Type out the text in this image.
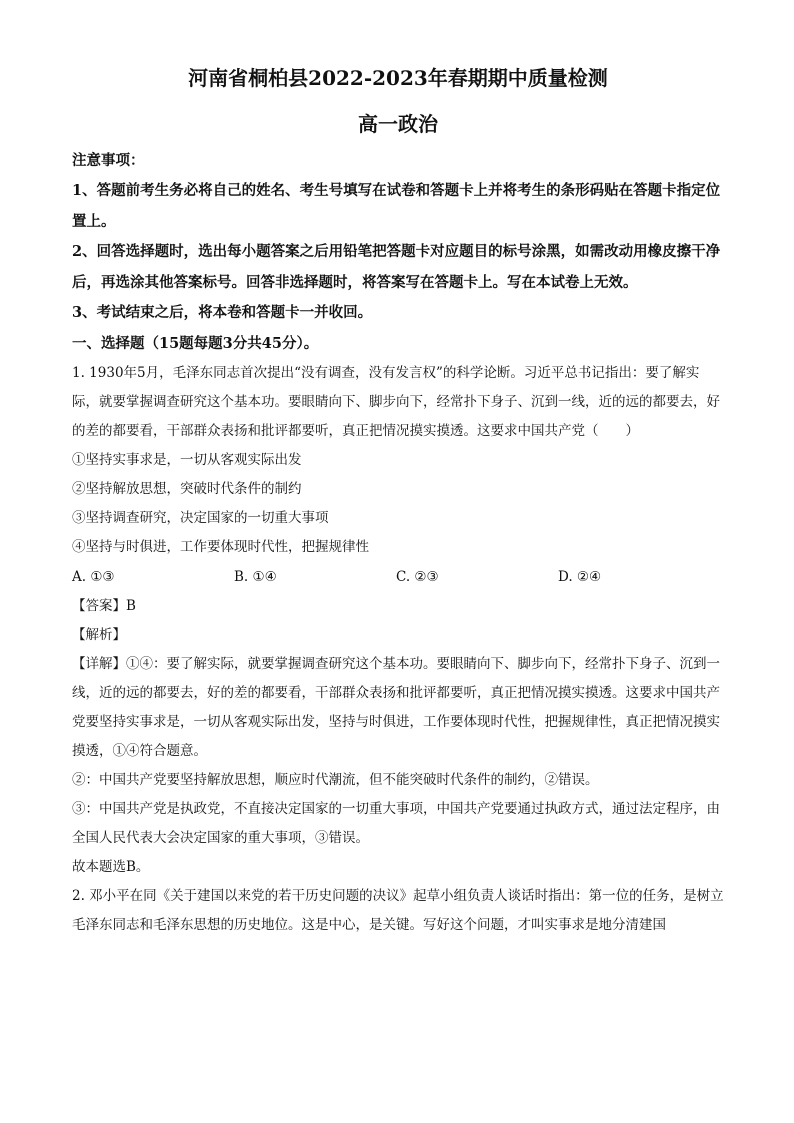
河南省桐柏县2022-2023年春期期中质量检测
高一政治
注意事项：
1、答题前考生务必将自己的姓名、考生号填写在试卷和答题卡上并将考生的条形码贴在答题卡指定位置上。
2、回答选择题时，选出每小题答案之后用铅笔把答题卡对应题目的标号涂黑，如需改动用橡皮擦干净后，再选涂其他答案标号。回答非选择题时，将答案写在答题卡上。写在本试卷上无效。
3、考试结束之后，将本卷和答题卡一并收回。
一、选择题（15题每题3分共45分）。
1. 1930年5月，毛泽东同志首次提出“没有调查，没有发言权”的科学论断。习近平总书记指出：要了解实际，就要掌握调查研究这个基本功。要眼睛向下、脚步向下，经常扑下身子、沉到一线，近的远的都要去，好的差的都要看，干部群众表扬和批评都要听，真正把情况摸实摸透。这要求中国共产党（　　）
①坚持实事求是，一切从客观实际出发
②坚持解放思想，突破时代条件的制约
③坚持调查研究，决定国家的一切重大事项
④坚持与时俱进，工作要体现时代性，把握规律性
A. ①③	B. ①④	C. ②③	D. ②④
【答案】B
【解析】
【详解】①④：要了解实际，就要掌握调查研究这个基本功。要眼睛向下、脚步向下，经常扑下身子、沉到一线，近的远的都要去，好的差的都要看，干部群众表扬和批评都要听，真正把情况摸实摸透。这要求中国共产党要坚持实事求是，一切从客观实际出发，坚持与时俱进，工作要体现时代性，把握规律性，真正把情况摸实摸透，①④符合题意。
②：中国共产党要坚持解放思想，顺应时代潮流，但不能突破时代条件的制约，②错误。
③：中国共产党是执政党，不直接决定国家的一切重大事项，中国共产党要通过执政方式，通过法定程序，由全国人民代表大会决定国家的重大事项，③错误。
故本题选B。
2. 邓小平在同《关于建国以来党的若干历史问题的决议》起草小组负责人谈话时指出：第一位的任务，是树立毛泽东同志和毛泽东思想的历史地位。这是中心，是关键。写好这个问题，才叫实事求是地分清建国
